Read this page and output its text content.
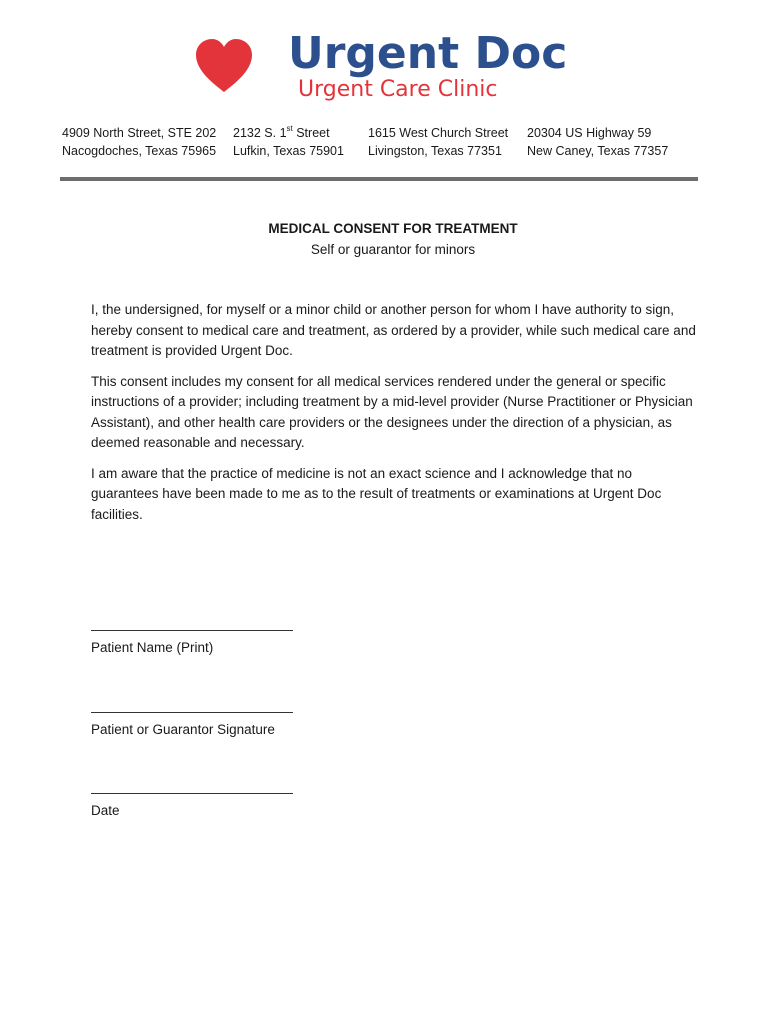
Urgent Doc
Urgent Care Clinic
4909 North Street, STE 202
Nacogdoches, Texas 75965
2132 S. 1st Street
Lufkin, Texas 75901
1615 West Church Street
Livingston, Texas 77351
20304 US Highway 59
New Caney, Texas 77357
MEDICAL CONSENT FOR TREATMENT
Self or guarantor for minors

I, the undersigned, for myself or a minor child or another person for whom I have authority to sign, hereby consent to medical care and treatment, as ordered by a provider, while such medical care and treatment is provided Urgent Doc.

This consent includes my consent for all medical services rendered under the general or specific instructions of a provider; including treatment by a mid-level provider (Nurse Practitioner or Physician Assistant), and other health care providers or the designees under the direction of a physician, as deemed reasonable and necessary.

I am aware that the practice of medicine is not an exact science and I acknowledge that no guarantees have been made to me as to the result of treatments or examinations at Urgent Doc facilities.

Patient Name (Print)
Patient or Guarantor Signature
Date
